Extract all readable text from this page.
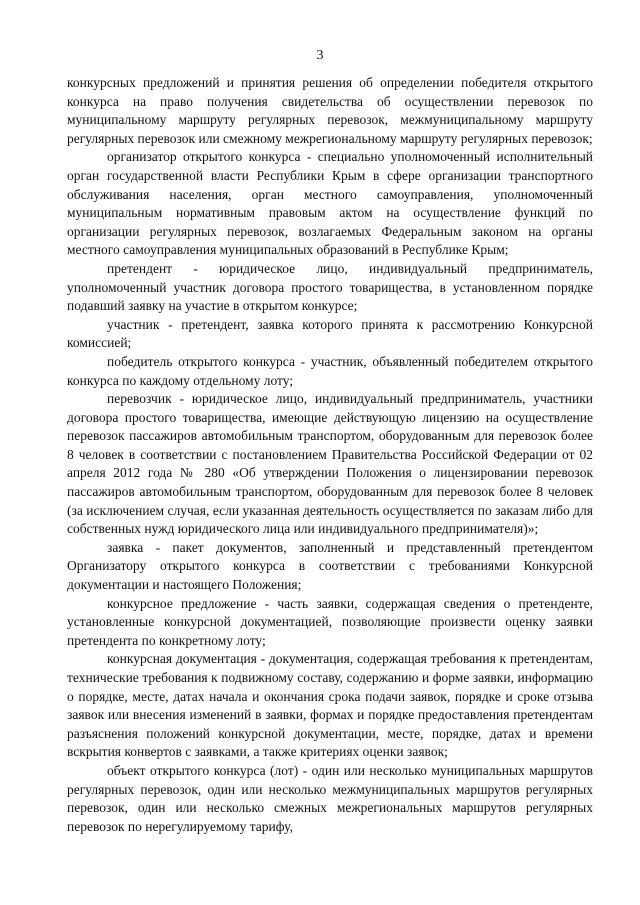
3

конкурсных предложений и принятия решения об определении победителя открытого конкурса на право получения свидетельства об осуществлении перевозок по муниципальному маршруту регулярных перевозок, межмуниципальному маршруту регулярных перевозок или смежному межрегиональному маршруту регулярных перевозок;

организатор открытого конкурса - специально уполномоченный исполнительный орган государственной власти Республики Крым в сфере организации транспортного обслуживания населения, орган местного самоуправления, уполномоченный муниципальным нормативным правовым актом на осуществление функций по организации регулярных перевозок, возлагаемых Федеральным законом на органы местного самоуправления муниципальных образований в Республике Крым;

претендент - юридическое лицо, индивидуальный предприниматель, уполномоченный участник договора простого товарищества, в установленном порядке подавший заявку на участие в открытом конкурсе;

участник - претендент, заявка которого принята к рассмотрению Конкурсной комиссией;

победитель открытого конкурса - участник, объявленный победителем открытого конкурса по каждому отдельному лоту;

перевозчик - юридическое лицо, индивидуальный предприниматель, участники договора простого товарищества, имеющие действующую лицензию на осуществление перевозок пассажиров автомобильным транспортом, оборудованным для перевозок более 8 человек в соответствии с постановлением Правительства Российской Федерации от 02 апреля 2012 года № 280 «Об утверждении Положения о лицензировании перевозок пассажиров автомобильным транспортом, оборудованным для перевозок более 8 человек (за исключением случая, если указанная деятельность осуществляется по заказам либо для собственных нужд юридического лица или индивидуального предпринимателя)»;

заявка - пакет документов, заполненный и представленный претендентом Организатору открытого конкурса в соответствии с требованиями Конкурсной документации и настоящего Положения;

конкурсное предложение - часть заявки, содержащая сведения о претенденте, установленные конкурсной документацией, позволяющие произвести оценку заявки претендента по конкретному лоту;

конкурсная документация - документация, содержащая требования к претендентам, технические требования к подвижному составу, содержанию и форме заявки, информацию о порядке, месте, датах начала и окончания срока подачи заявок, порядке и сроке отзыва заявок или внесения изменений в заявки, формах и порядке предоставления претендентам разъяснения положений конкурсной документации, месте, порядке, датах и времени вскрытия конвертов с заявками, а также критериях оценки заявок;

объект открытого конкурса (лот) - один или несколько муниципальных маршрутов регулярных перевозок, один или несколько межмуниципальных маршрутов регулярных перевозок, один или несколько смежных межрегиональных маршрутов регулярных перевозок по нерегулируемому тарифу,
